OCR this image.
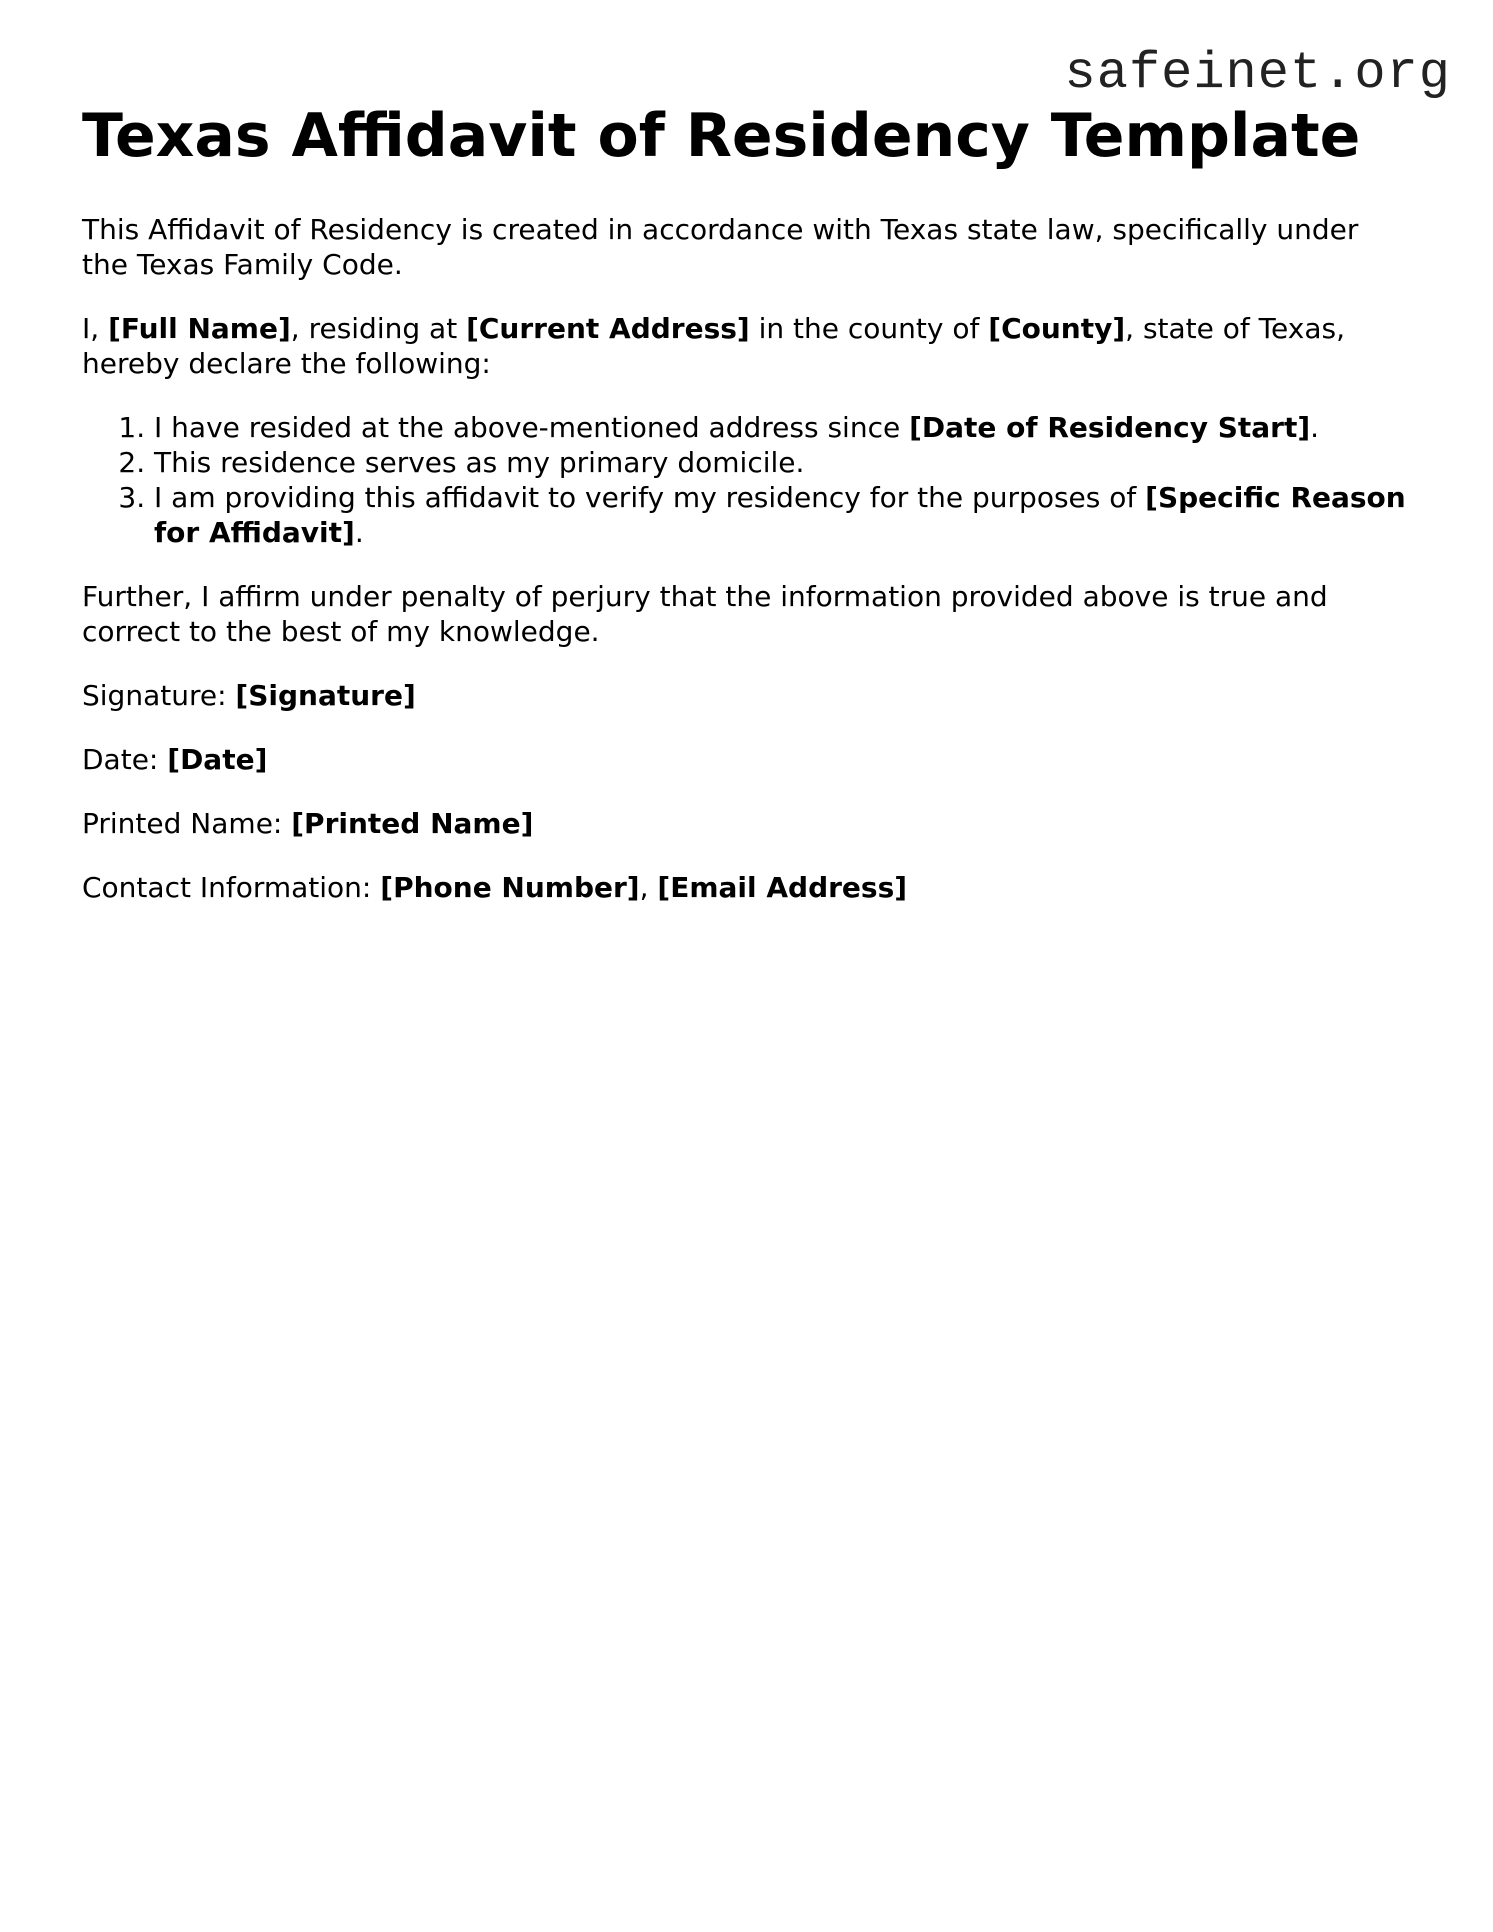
safeinet.org
Texas Affidavit of Residency Template

This Affidavit of Residency is created in accordance with Texas state law, specifically under the Texas Family Code.

I, [Full Name], residing at [Current Address] in the county of [County], state of Texas, hereby declare the following:

1. I have resided at the above-mentioned address since [Date of Residency Start].
2. This residence serves as my primary domicile.
3. I am providing this affidavit to verify my residency for the purposes of [Specific Reason for Affidavit].

Further, I affirm under penalty of perjury that the information provided above is true and correct to the best of my knowledge.

Signature: [Signature]

Date: [Date]

Printed Name: [Printed Name]

Contact Information: [Phone Number], [Email Address]
